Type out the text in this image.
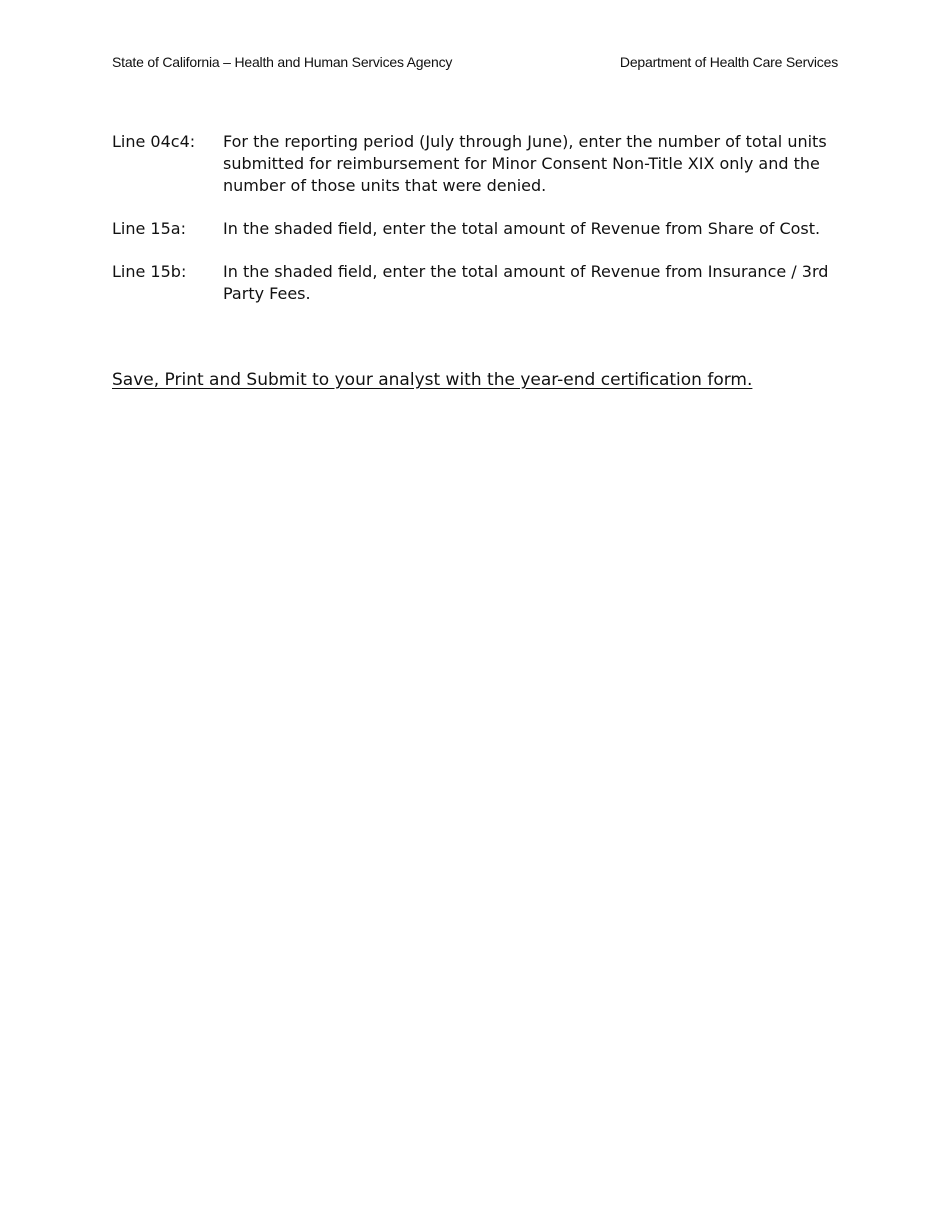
State of California – Health and Human Services Agency	Department of Health Care Services
Line 04c4:	For the reporting period (July through June), enter the number of total units submitted for reimbursement for Minor Consent Non-Title XIX only and the number of those units that were denied.
Line 15a:	In the shaded field, enter the total amount of Revenue from Share of Cost.
Line 15b:	In the shaded field, enter the total amount of Revenue from Insurance / 3rd Party Fees.
Save, Print and Submit to your analyst with the year-end certification form.
